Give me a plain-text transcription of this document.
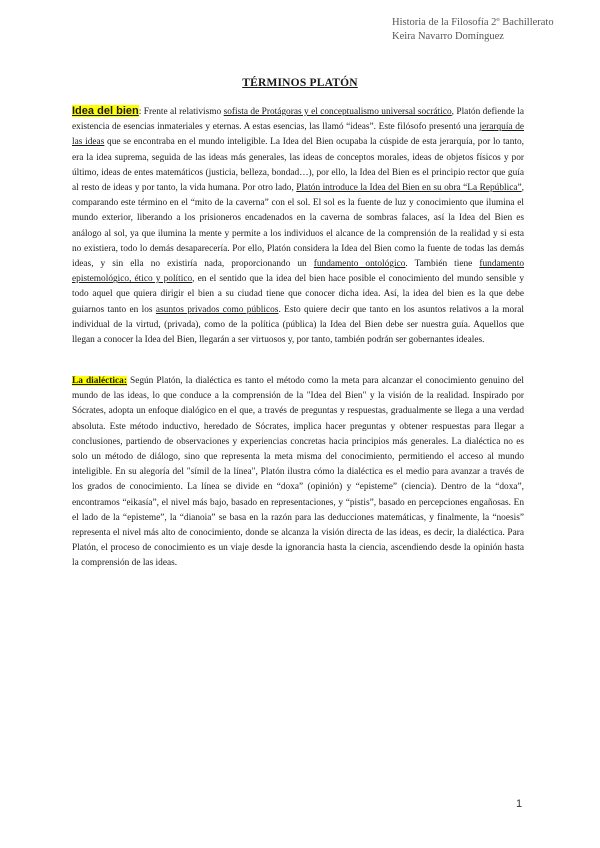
Historia de la Filosofía 2º Bachillerato
Keira Navarro Domínguez
TÉRMINOS PLATÓN
Idea del bien: Frente al relativismo sofista de Protágoras y el conceptualismo universal socrático, Platón defiende la existencia de esencias inmateriales y eternas. A estas esencias, las llamó “ideas”. Este filósofo presentó una jerarquía de las ideas que se encontraba en el mundo inteligible. La Idea del Bien ocupaba la cúspide de esta jerarquía, por lo tanto, era la idea suprema, seguida de las ideas más generales, las ideas de conceptos morales, ideas de objetos físicos y por último, ideas de entes matemáticos (justicia, belleza, bondad…), por ello, la Idea del Bien es el principio rector que guía al resto de ideas y por tanto, la vida humana. Por otro lado, Platón introduce la Idea del Bien en su obra “La República”, comparando este término en el “mito de la caverna” con el sol. El sol es la fuente de luz y conocimiento que ilumina el mundo exterior, liberando a los prisioneros encadenados en la caverna de sombras falaces, así la Idea del Bien es análogo al sol, ya que ilumina la mente y permite a los individuos el alcance de la comprensión de la realidad y si esta no existiera, todo lo demás desaparecería. Por ello, Platón considera la Idea del Bien como la fuente de todas las demás ideas, y sin ella no existiría nada, proporcionando un fundamento ontológico. También tiene fundamento epistemológico, ético y político, en el sentido que la idea del bien hace posible el conocimiento del mundo sensible y todo aquel que quiera dirigir el bien a su ciudad tiene que conocer dicha idea. Así, la idea del bien es la que debe guiarnos tanto en los asuntos privados como públicos. Esto quiere decir que tanto en los asuntos relativos a la moral individual de la virtud, (privada), como de la política (pública) la Idea del Bien debe ser nuestra guía. Aquellos que llegan a conocer la Idea del Bien, llegarán a ser virtuosos y, por tanto, también podrán ser gobernantes ideales.
La dialéctica: Según Platón, la dialéctica es tanto el método como la meta para alcanzar el conocimiento genuino del mundo de las ideas, lo que conduce a la comprensión de la "Idea del Bien" y la visión de la realidad. Inspirado por Sócrates, adopta un enfoque dialógico en el que, a través de preguntas y respuestas, gradualmente se llega a una verdad absoluta. Este método inductivo, heredado de Sócrates, implica hacer preguntas y obtener respuestas para llegar a conclusiones, partiendo de observaciones y experiencias concretas hacia principios más generales. La dialéctica no es solo un método de diálogo, sino que representa la meta misma del conocimiento, permitiendo el acceso al mundo inteligible. En su alegoría del "símil de la línea", Platón ilustra cómo la dialéctica es el medio para avanzar a través de los grados de conocimiento. La línea se divide en “doxa” (opinión) y “episteme” (ciencia). Dentro de la “doxa”, encontramos “eikasía”, el nivel más bajo, basado en representaciones, y “pistis”, basado en percepciones engañosas. En el lado de la “episteme”, la “dianoia” se basa en la razón para las deducciones matemáticas, y finalmente, la “noesis” representa el nivel más alto de conocimiento, donde se alcanza la visión directa de las ideas, es decir, la dialéctica. Para Platón, el proceso de conocimiento es un viaje desde la ignorancia hasta la ciencia, ascendiendo desde la opinión hasta la comprensión de las ideas.
1
